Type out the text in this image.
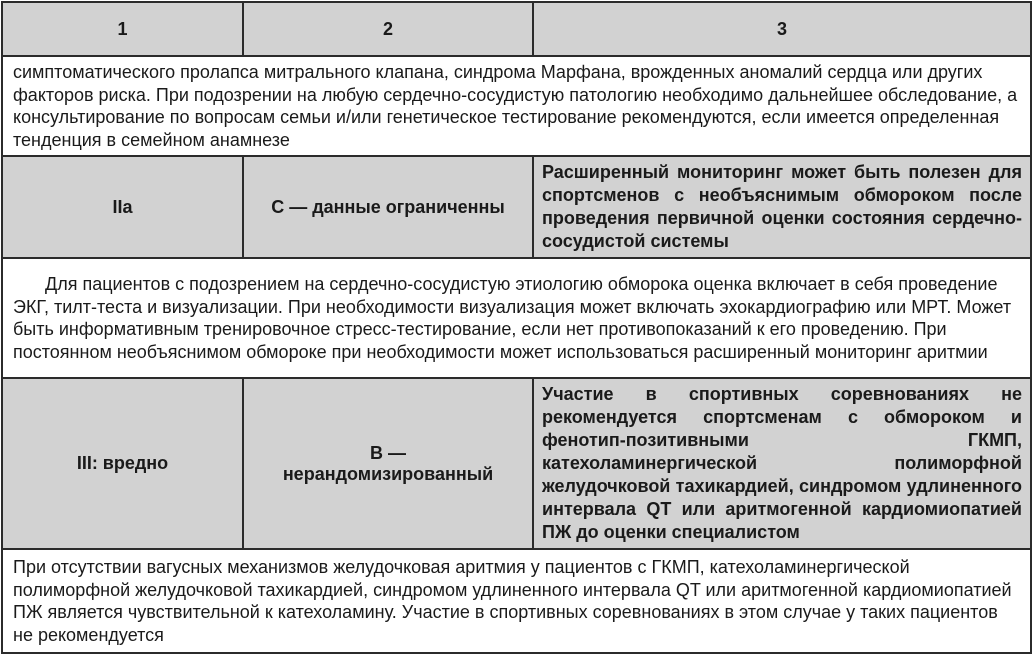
1	2	3
симптоматического пролапса митрального клапана, синдрома Марфана, врожденных аномалий сердца или других факторов риска. При подозрении на любую сердечно-сосудистую патологию необходимо дальнейшее обследование, а консультирование по вопросам семьи и/или генетическое тестирование рекомендуются, если имеется определенная тенденция в семейном анамнезе		
IIa	С — данные ограниченны	Расширенный мониторинг может быть полезен для спортсменов с необъяснимым обмороком после проведения первичной оценки состояния сердечно-сосудистой системы
Для пациентов с подозрением на сердечно-сосудистую этиологию обморока оценка включает в себя проведение ЭКГ, тилт-теста и визуализации. При необходимости визуализация может включать эхокардиографию или МРТ. Может быть информативным тренировочное стресс-тестирование, если нет противопоказаний к его проведению. При постоянном необъяснимом обмороке при необходимости может использоваться расширенный мониторинг аритмии		
III: вредно	В — нерандомизированный	Участие в спортивных соревнованиях не рекомендуется спортсменам с обмороком и фенотип-позитивными ГКМП, катехоламинергической полиморфной желудочковой тахикардией, синдромом удлиненного интервала QT или аритмогенной кардиомиопатией ПЖ до оценки специалистом
При отсутствии вагусных механизмов желудочковая аритмия у пациентов с ГКМП, катехоламинергической полиморфной желудочковой тахикардией, синдромом удлиненного интервала QT или аритмогенной кардиомиопатией ПЖ является чувствительной к катехоламину. Участие в спортивных соревнованиях в этом случае у таких пациентов не рекомендуется		
